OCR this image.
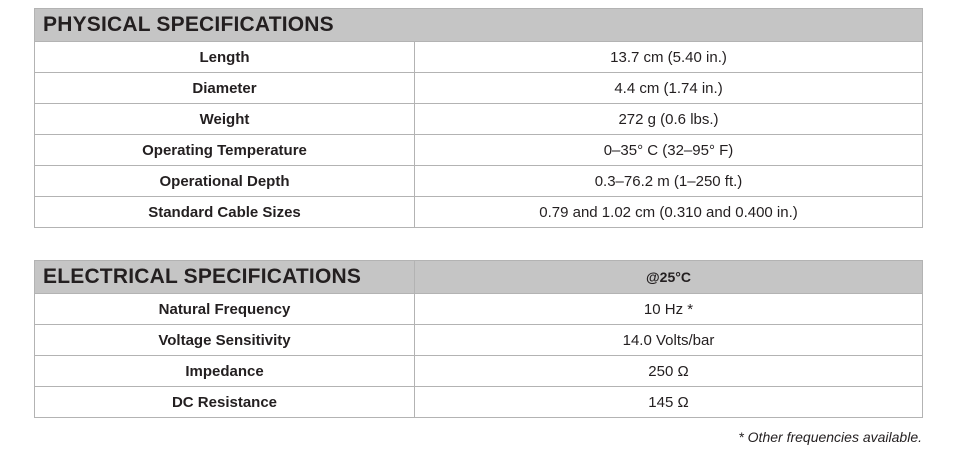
PHYSICAL SPECIFICATIONS	
Length	13.7 cm (5.40 in.)
Diameter	4.4 cm (1.74 in.)
Weight	272 g (0.6 lbs.)
Operating Temperature	0–35° C (32–95° F)
Operational Depth	0.3–76.2 m (1–250 ft.)
Standard Cable Sizes	0.79 and 1.02 cm (0.310 and 0.400 in.)
ELECTRICAL SPECIFICATIONS	@25°C
Natural Frequency	10 Hz *
Voltage Sensitivity	14.0 Volts/bar
Impedance	250 Ω
DC Resistance	145 Ω
* Other frequencies available.
